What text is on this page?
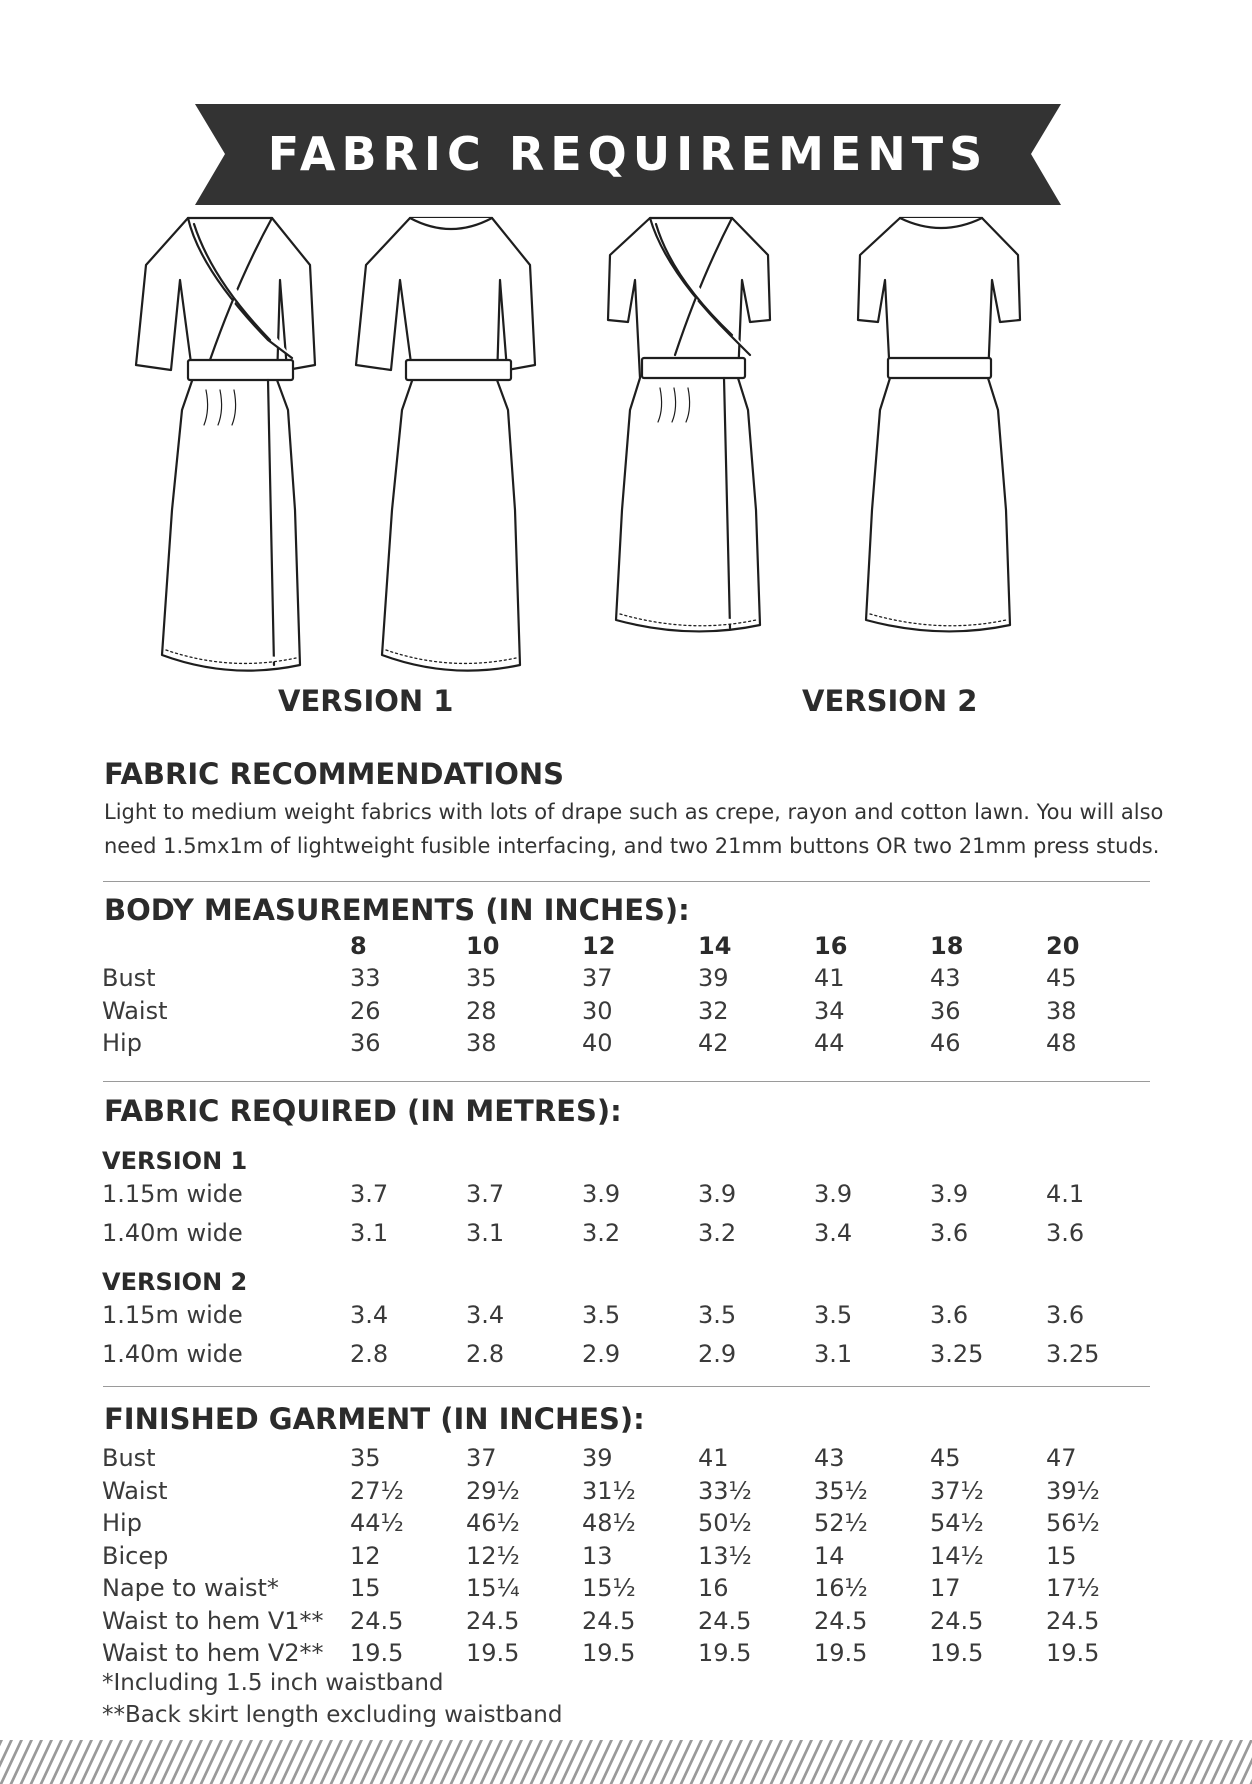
FABRIC REQUIREMENTS
VERSION 1	VERSION 2
FABRIC RECOMMENDATIONS
Light to medium weight fabrics with lots of drape such as crepe, rayon and cotton lawn. You will also
need 1.5mx1m of lightweight fusible interfacing, and two 21mm buttons OR two 21mm press studs.
BODY MEASUREMENTS (IN INCHES):
8	10	12	14	16	18	20
Bust	33	35	37	39	41	43	45
Waist	26	28	30	32	34	36	38
Hip	36	38	40	42	44	46	48
FABRIC REQUIRED (IN METRES):
VERSION 1
1.15m wide	3.7	3.7	3.9	3.9	3.9	3.9	4.1
1.40m wide	3.1	3.1	3.2	3.2	3.4	3.6	3.6
VERSION 2
1.15m wide	3.4	3.4	3.5	3.5	3.5	3.6	3.6
1.40m wide	2.8	2.8	2.9	2.9	3.1	3.25	3.25
FINISHED GARMENT (IN INCHES):
Bust	35	37	39	41	43	45	47
Waist	27½	29½	31½	33½	35½	37½	39½
Hip	44½	46½	48½	50½	52½	54½	56½
Bicep	12	12½	13	13½	14	14½	15
Nape to waist*	15	15¼	15½	16	16½	17	17½
Waist to hem V1** 24.5	24.5	24.5	24.5	24.5	24.5	24.5
Waist to hem V2** 19.5	19.5	19.5	19.5	19.5	19.5	19.5
*Including 1.5 inch waistband
**Back skirt length excluding waistband
